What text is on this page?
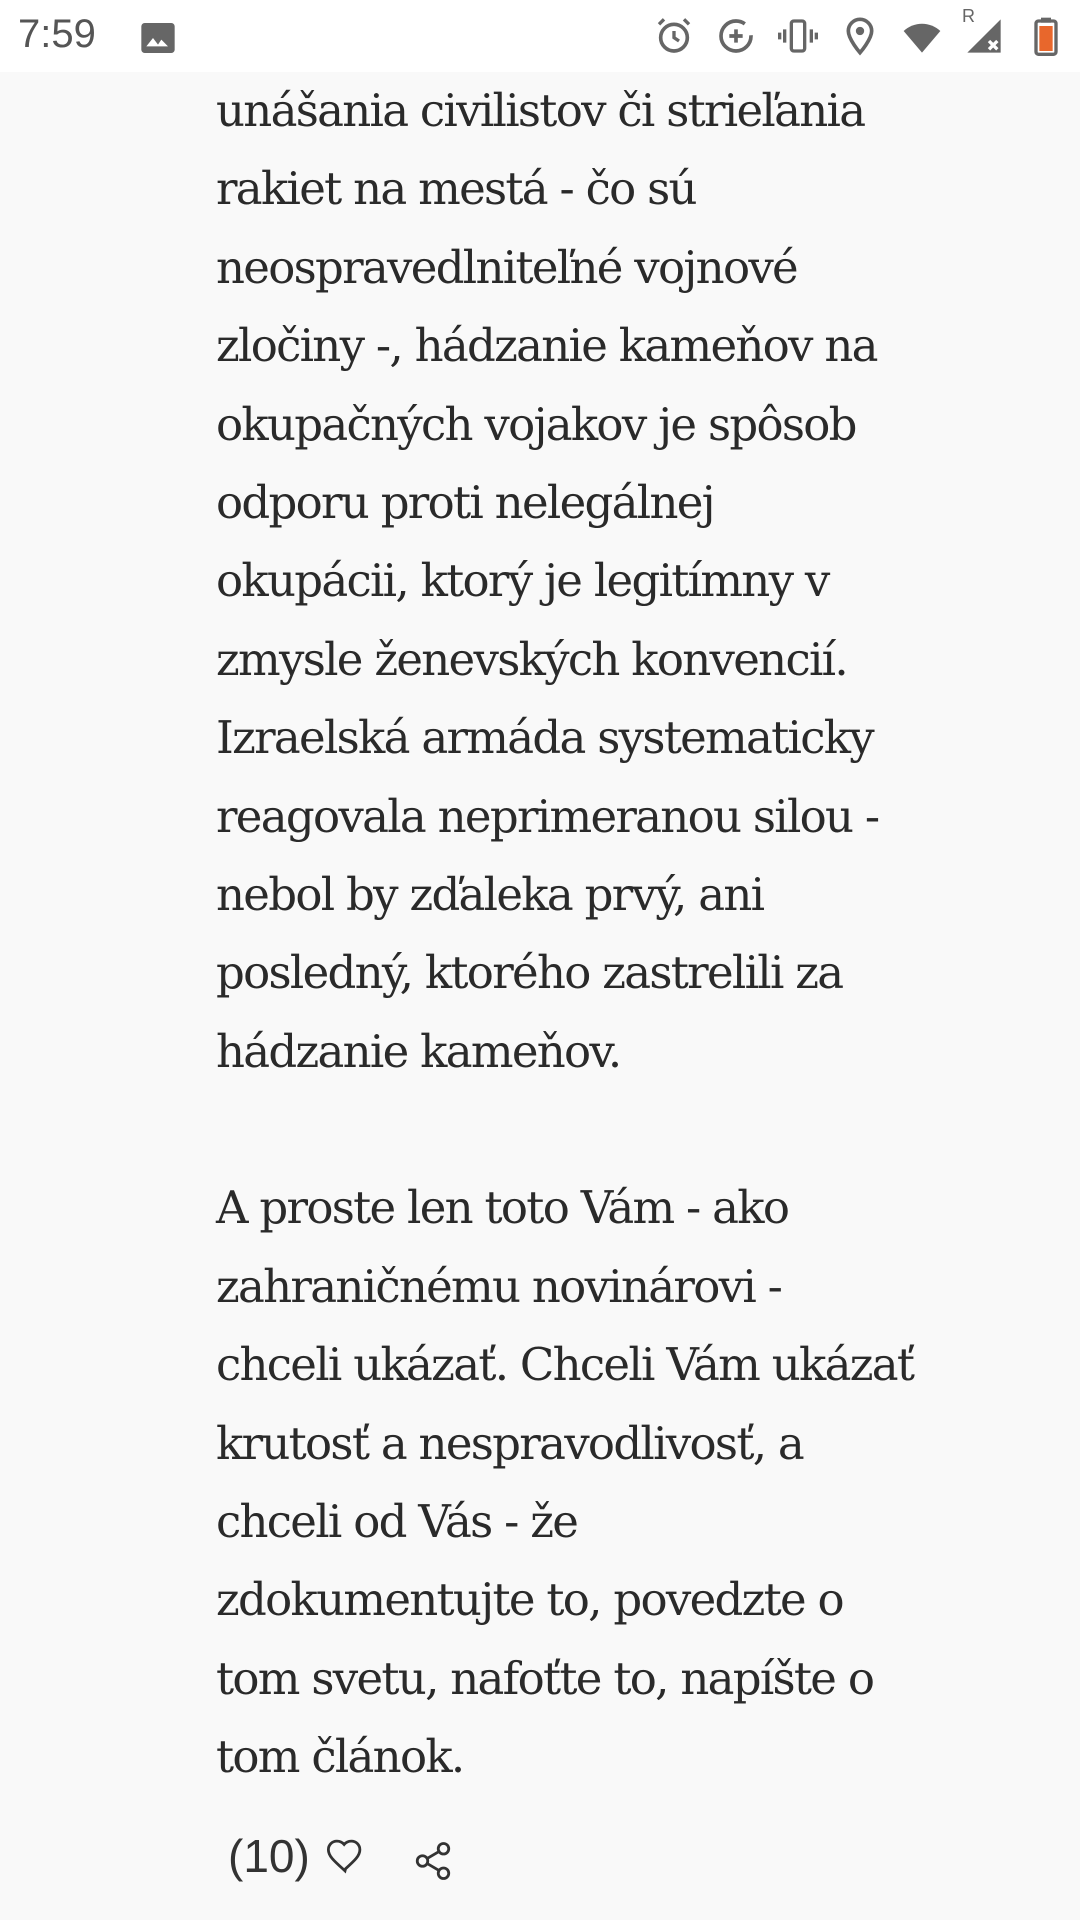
7:59	R

unášania civilistov či strieľania
rakiet na mestá - čo sú
neospravedlniteľné vojnové
zločiny -, hádzanie kameňov na
okupačných vojakov je spôsob
odporu proti nelegálnej
okupácii, ktorý je legitímny v
zmysle ženevských konvencií.
Izraelská armáda systematicky
reagovala neprimeranou silou -
nebol by zďaleka prvý, ani
posledný, ktorého zastrelili za
hádzanie kameňov.

A proste len toto Vám - ako
zahraničnému novinárovi -
chceli ukázať. Chceli Vám ukázať
krutosť a nespravodlivosť, a
chceli od Vás - že
zdokumentujte to, povedzte o
tom svetu, nafoťte to, napíšte o
tom článok.

(10)
